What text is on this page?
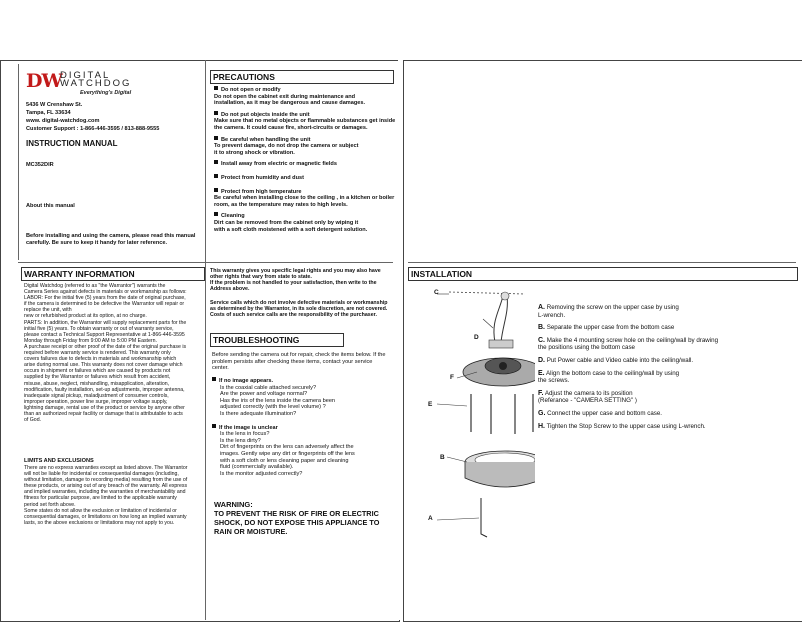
DW
DIGITAL
WATCHDOG
Everything's Digital
5436 W Crenshaw St.
Tampa, FL 33634
www. digital-watchdog.com
Customer Support : 1-866-446-3595 / 813-888-9555
INSTRUCTION MANUAL
MC352DIR
About this manual
Before installing and using the camera, please read this manual
carefully. Be sure to keep it handy for later reference.
PRECAUTIONS
Do not open or modify
Do not open the cabinet exit during maintenance and
installation, as it may be dangerous and cause damages.
Do not put objects inside the unit
Make sure that no metal objects or flammable substances get inside
the camera. It could cause fire, short-circuits or damages.
Be careful when handling the unit
To prevent damage, do not drop the camera or subject
it to strong shock or vibration.
Install away from electric or magnetic fields
Protect from humidity and dust
Protect from high temperature
Be careful when installing close to the ceiling , in a kitchen or boiler
room, as the temperature may rates to high levels.
Cleaning
Dirt can be removed from the cabinet only by wiping it
with a soft cloth moistened with a soft detergent solution.
WARRANTY INFORMATION
Digital Watchdog (referred to as "the Warrantor") warrants the
Camera Series against defects in materials or workmanship as follows:
LABOR: For the initial five (5) years from the date of original purchase,
if the camera is determined to be defective the Warrantor will repair or
replace the unit, with
new or refurbished product at its option, at no charge.
PARTS: In addition, the Warrantor will supply replacement parts for the
initial five (5) years. To obtain warranty or out of warranty service,
please contact a Technical Support Representative at 1-866-446-3595
Monday through Friday from 9:00 AM to 5:00 PM Eastern.
A purchase receipt or other proof of the date of the original purchase is
required before warranty service is rendered. This warranty only
covers failures due to defects in materials and workmanship which
arise during normal use. This warranty does not cover damage which
occurs in shipment or failures which are caused by products not
supplied by the Warrantor or failures which result from accident,
misuse, abuse, neglect, mishandling, misapplication, alteration,
modification, faulty installation, set-up adjustments, improper antenna,
inadequate signal pickup, maladjustment of consumer controls,
improper operation, power line surge, improper voltage supply,
lightning damage, rental use of the product or service by anyone other
than an authorized repair facility or damage that is attributable to acts
of God.
LIMITS AND EXCLUSIONS
There are no express warranties except as listed above. The Warrantor
will not be liable for incidental or consequential damages (including,
without limitation, damage to recording media) resulting from the use of
these products, or arising out of any breach of the warranty. All express
and implied warranties, including the warranties of merchantability and
fitness for particular purpose, are limited to the applicable warranty
period set forth above.
Some states do not allow the exclusion or limitation of incidental or
consequential damages, or limitations on how long an implied warranty
lasts, so the above exclusions or limitations may not apply to you.
This warranty gives you specific legal rights and you may also have
other rights that vary from state to state.
If the problem is not handled to your satisfaction, then write to the
Address above.
Service calls which do not involve defective materials or workmanship
as determined by the Warrantor, in its sole discretion, are not covered.
Costs of such service calls are the responsibility of the purchaser.
TROUBLESHOOTING
Before sending the camera out for repair, check the items below. If the
problem persists after checking these items, contact your service
center.
If no image appears.
Is the coaxial cable attached securely?
Are the power and voltage normal?
Has the iris of the lens inside the camera been
adjusted correctly (with the level volume) ?
Is there adequate illumination?
If the image is unclear
Is the lens in focus?
Is the lens dirty?
Dirt of fingerprints on the lens can adversely affect the
images. Gently wipe any dirt or fingerprints off the lens
with a soft cloth or lens cleaning paper and cleaning
fluid (commercially available).
Is the monitor adjusted correctly?
WARNING:
TO PREVENT THE RISK OF FIRE OR ELECTRIC
SHOCK, DO NOT EXPOSE THIS APPLIANCE TO
RAIN OR MOISTURE.
INSTALLATION
C
D
F
E
B
A
A. Removing the screw on the upper case by using
L-wrench.
B. Separate the upper case from the bottom case
C. Make the 4 mounting screw hole on the ceiling/wall by drawing
the positions using the bottom case
D. Put Power cable and Video cable into the ceiling/wall.
E. Align the bottom case to the ceiling/wall by using
the screws.
F. Adjust the camera to its position
(Referance - "CAMERA SETTING" )
G. Connect the upper case and bottom case.
H. Tighten the Stop Screw to the upper case using L-wrench.
